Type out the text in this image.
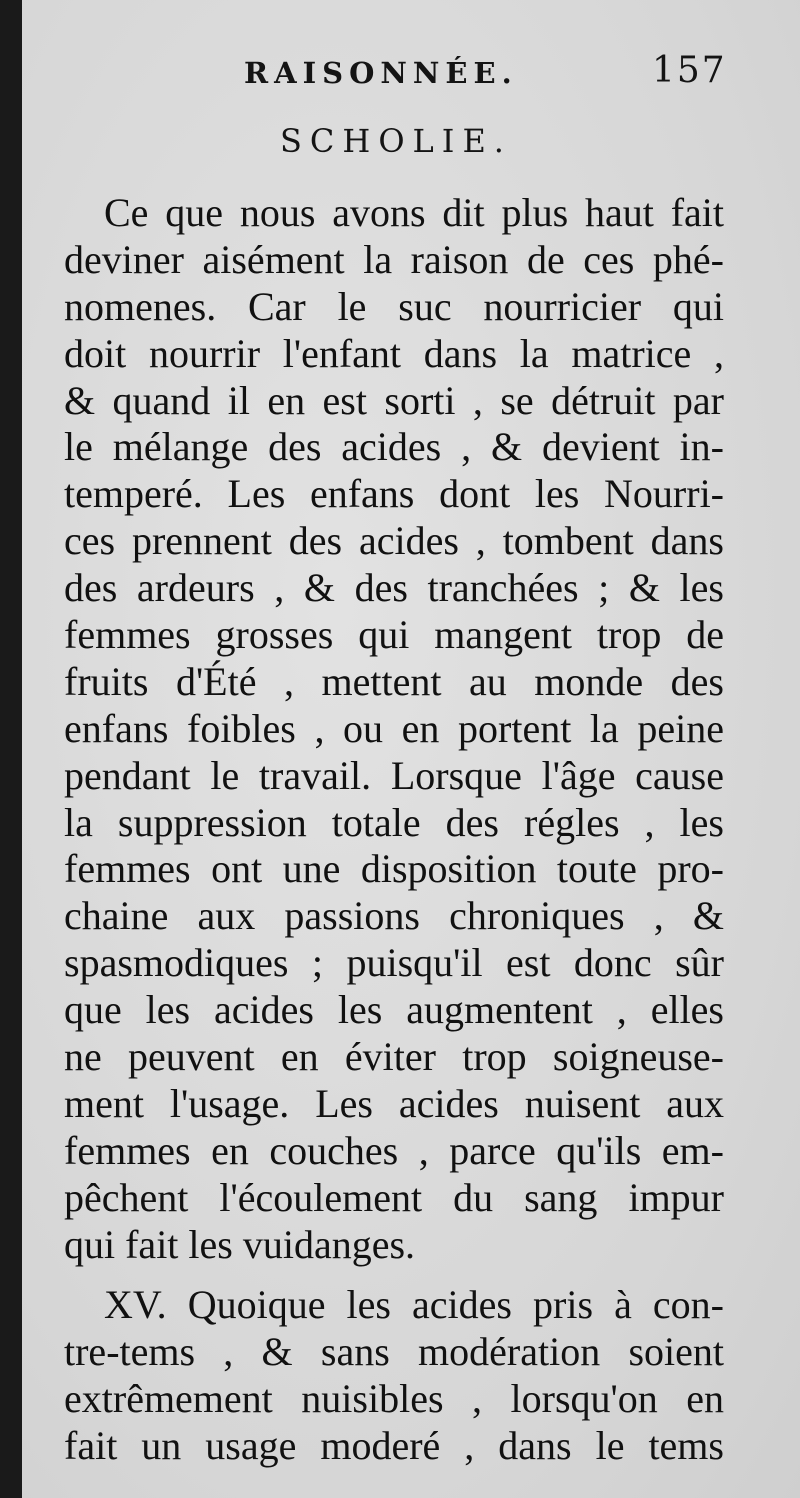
RAISONNÉE.	157
SCHOLIE.
Ce que nous avons dit plus haut fait
deviner aisément la raison de ces phé-
nomenes. Car le suc nourricier qui
doit nourrir l'enfant dans la matrice ,
& quand il en est sorti , se détruit par
le mélange des acides , & devient in-
temperé. Les enfans dont les Nourri-
ces prennent des acides , tombent dans
des ardeurs , & des tranchées ; & les
femmes grosses qui mangent trop de
fruits d'Été , mettent au monde des
enfans foibles , ou en portent la peine
pendant le travail. Lorsque l'âge cause
la suppression totale des régles , les
femmes ont une disposition toute pro-
chaine aux passions chroniques , &
spasmodiques ; puisqu'il est donc sûr
que les acides les augmentent , elles
ne peuvent en éviter trop soigneuse-
ment l'usage. Les acides nuisent aux
femmes en couches , parce qu'ils em-
pêchent l'écoulement du sang impur
qui fait les vuidanges.
XV. Quoique les acides pris à con-
tre-tems , & sans modération soient
extrêmement nuisibles , lorsqu'on en
fait un usage moderé , dans le tems
